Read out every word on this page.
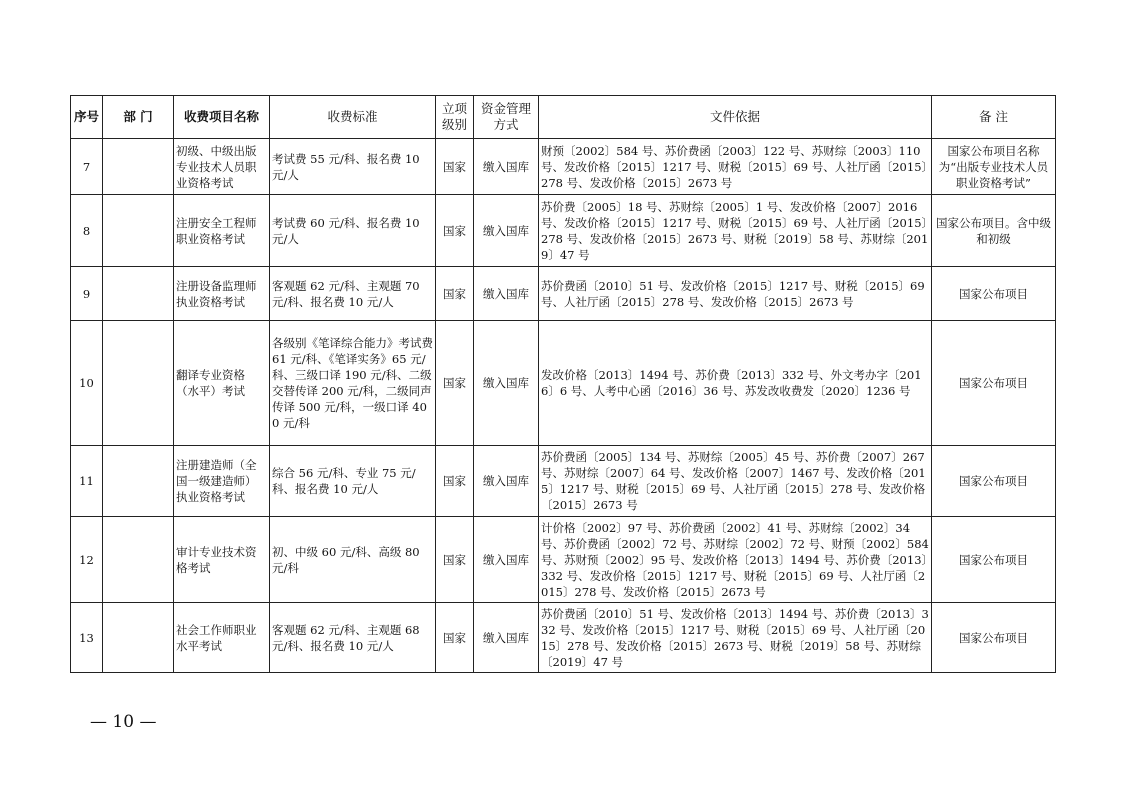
序号	部 门	收费项目名称	收费标准	立项级别	资金管理方式	文件依据	备 注
7		初级、中级出版专业技术人员职业资格考试	考试费 55 元/科、报名费 10 元/人	国家	缴入国库	财预〔2002〕584 号、苏价费函〔2003〕122 号、苏财综〔2003〕110 号、发改价格〔2015〕1217 号、财税〔2015〕69 号、人社厅函〔2015〕278 号、发改价格〔2015〕2673 号	国家公布项目名称为“出版专业技术人员职业资格考试”
8		注册安全工程师职业资格考试	考试费 60 元/科、报名费 10 元/人	国家	缴入国库	苏价费〔2005〕18 号、苏财综〔2005〕1 号、发改价格〔2007〕2016 号、发改价格〔2015〕1217 号、财税〔2015〕69 号、人社厅函〔2015〕278 号、发改价格〔2015〕2673 号、财税〔2019〕58 号、苏财综〔2019〕47 号	国家公布项目。含中级和初级
9		注册设备监理师执业资格考试	客观题 62 元/科、主观题 70 元/科、报名费 10 元/人	国家	缴入国库	苏价费函〔2010〕51 号、发改价格〔2015〕1217 号、财税〔2015〕69 号、人社厅函〔2015〕278 号、发改价格〔2015〕2673 号	国家公布项目
10		翻译专业资格（水平）考试	各级别《笔译综合能力》考试费 61 元/科、《笔译实务》65 元/科、三级口译 190 元/科、二级交替传译 200 元/科，二级同声传译 500 元/科，一级口译 400 元/科	国家	缴入国库	发改价格〔2013〕1494 号、苏价费〔2013〕332 号、外文考办字〔2016〕6 号、人考中心函〔2016〕36 号、苏发改收费发〔2020〕1236 号	国家公布项目
11		注册建造师（全国一级建造师）执业资格考试	综合 56 元/科、专业 75 元/科、报名费 10 元/人	国家	缴入国库	苏价费函〔2005〕134 号、苏财综〔2005〕45 号、苏价费〔2007〕267 号、苏财综〔2007〕64 号、发改价格〔2007〕1467 号、发改价格〔2015〕1217 号、财税〔2015〕69 号、人社厅函〔2015〕278 号、发改价格〔2015〕2673 号	国家公布项目
12		审计专业技术资格考试	初、中级 60 元/科、高级 80 元/科	国家	缴入国库	计价格〔2002〕97 号、苏价费函〔2002〕41 号、苏财综〔2002〕34 号、苏价费函〔2002〕72 号、苏财综〔2002〕72 号、财预〔2002〕584 号、苏财预〔2002〕95 号、发改价格〔2013〕1494 号、苏价费〔2013〕332 号、发改价格〔2015〕1217 号、财税〔2015〕69 号、人社厅函〔2015〕278 号、发改价格〔2015〕2673 号	国家公布项目
13		社会工作师职业水平考试	客观题 62 元/科、主观题 68 元/科、报名费 10 元/人	国家	缴入国库	苏价费函〔2010〕51 号、发改价格〔2013〕1494 号、苏价费〔2013〕332 号、发改价格〔2015〕1217 号、财税〔2015〕69 号、人社厅函〔2015〕278 号、发改价格〔2015〕2673 号、财税〔2019〕58 号、苏财综〔2019〕47 号	国家公布项目
— 10 —
